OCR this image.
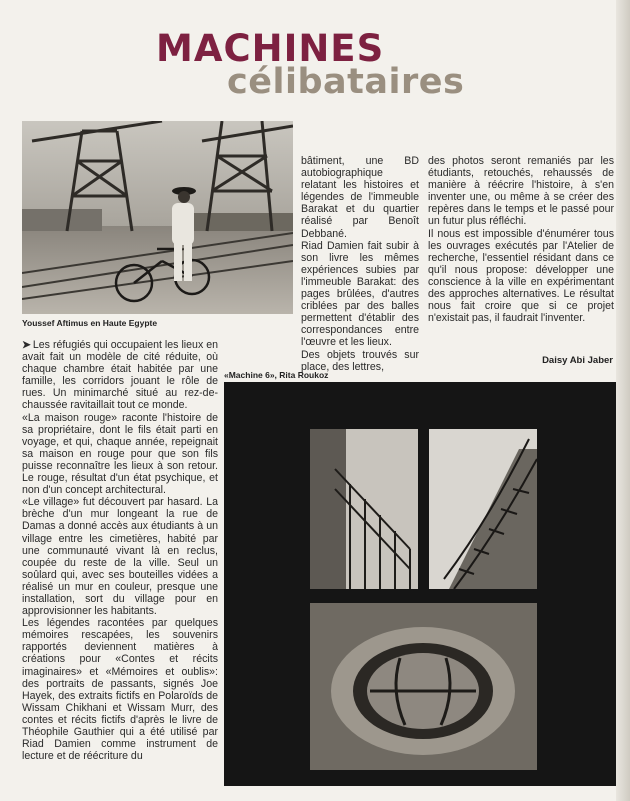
MACHINES
célibataires
Youssef Aftimus en Haute Egypte

➤ Les réfugiés qui occupaient les lieux en avait fait un modèle de cité réduite, où chaque chambre était habitée par une famille, les corridors jouant le rôle de rues. Un minimarché situé au rez-de-chaussée ravitaillait tout ce monde.

«La maison rouge» raconte l'histoire de sa propriétaire, dont le fils était parti en voyage, et qui, chaque année, repeignait sa maison en rouge pour que son fils puisse reconnaître les lieux à son retour. Le rouge, résultat d'un état psychique, et non d'un concept architectural.

«Le village» fut découvert par hasard. La brèche d'un mur longeant la rue de Damas a donné accès aux étudiants à un village entre les cimetières, habité par une communauté vivant là en reclus, coupée du reste de la ville. Seul un soûlard qui, avec ses bouteilles vidées a réalisé un mur en couleur, presque une installation, sort du village pour en approvisionner les habitants.

Les légendes racontées par quelques mémoires rescapées, les souvenirs rapportés deviennent matières à créations pour «Contes et récits imaginaires» et «Mémoires et oublis»: des portraits de passants, signés Joe Hayek, des extraits fictifs en Polaroïds de Wissam Chikhani et Wissam Murr, des contes et récits fictifs d'après le livre de Théophile Gauthier qui a été utilisé par Riad Damien comme instrument de lecture et de réécriture du

bâtiment, une BD autobiographique relatant les histoires et légendes de l'immeuble Barakat et du quartier réalisé par Benoît Debbané.

Riad Damien fait subir à son livre les mêmes expériences subies par l'immeuble Barakat: des pages brûlées, d'autres criblées par des balles permettent d'établir des correspondances entre l'œuvre et les lieux.

Des objets trouvés sur place, des lettres,

«Machine 6», Rita Roukoz

des photos seront remaniés par les étudiants, retouchés, rehaussés de manière à réécrire l'histoire, à s'en inventer une, ou même à se créer des repères dans le temps et le passé pour un futur plus réfléchi.

Il nous est impossible d'énumérer tous les ouvrages exécutés par l'Atelier de recherche, l'essentiel résidant dans ce qu'il nous propose: développer une conscience à la ville en expérimentant des approches alternatives. Le résultat nous fait croire que si ce projet n'existait pas, il faudrait l'inventer.

Daisy Abi Jaber
